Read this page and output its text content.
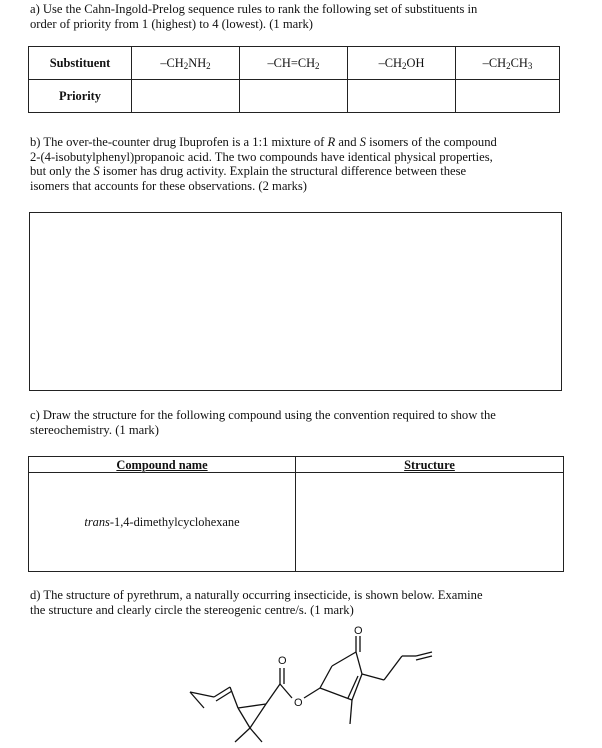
a) Use the Cahn-Ingold-Prelog sequence rules to rank the following set of substituents in

order of priority from 1 (highest) to 4 (lowest). (1 mark)

Substituent	$-CH_2NH_2$	$-CH=CH_2$	$-CH_2OH$	$-CH_2CH_3$
Priority				

b) The over-the-counter drug Ibuprofen is a 1:1 mixture of R and S isomers of the compound

2-(4-isobutylphenyl)propanoic acid. The two compounds have identical physical properties,

but only the S isomer has drug activity. Explain the structural difference between these

isomers that accounts for these observations. (2 marks)

c) Draw the structure for the following compound using the convention required to show the

stereochemistry. (1 mark)

Compound name	Structure
trans-1,4-dimethylcyclohexane	

d) The structure of pyrethrum, a naturally occurring insecticide, is shown below. Examine

the structure and clearly circle the stereogenic centre/s. (1 mark)

O
O
O
